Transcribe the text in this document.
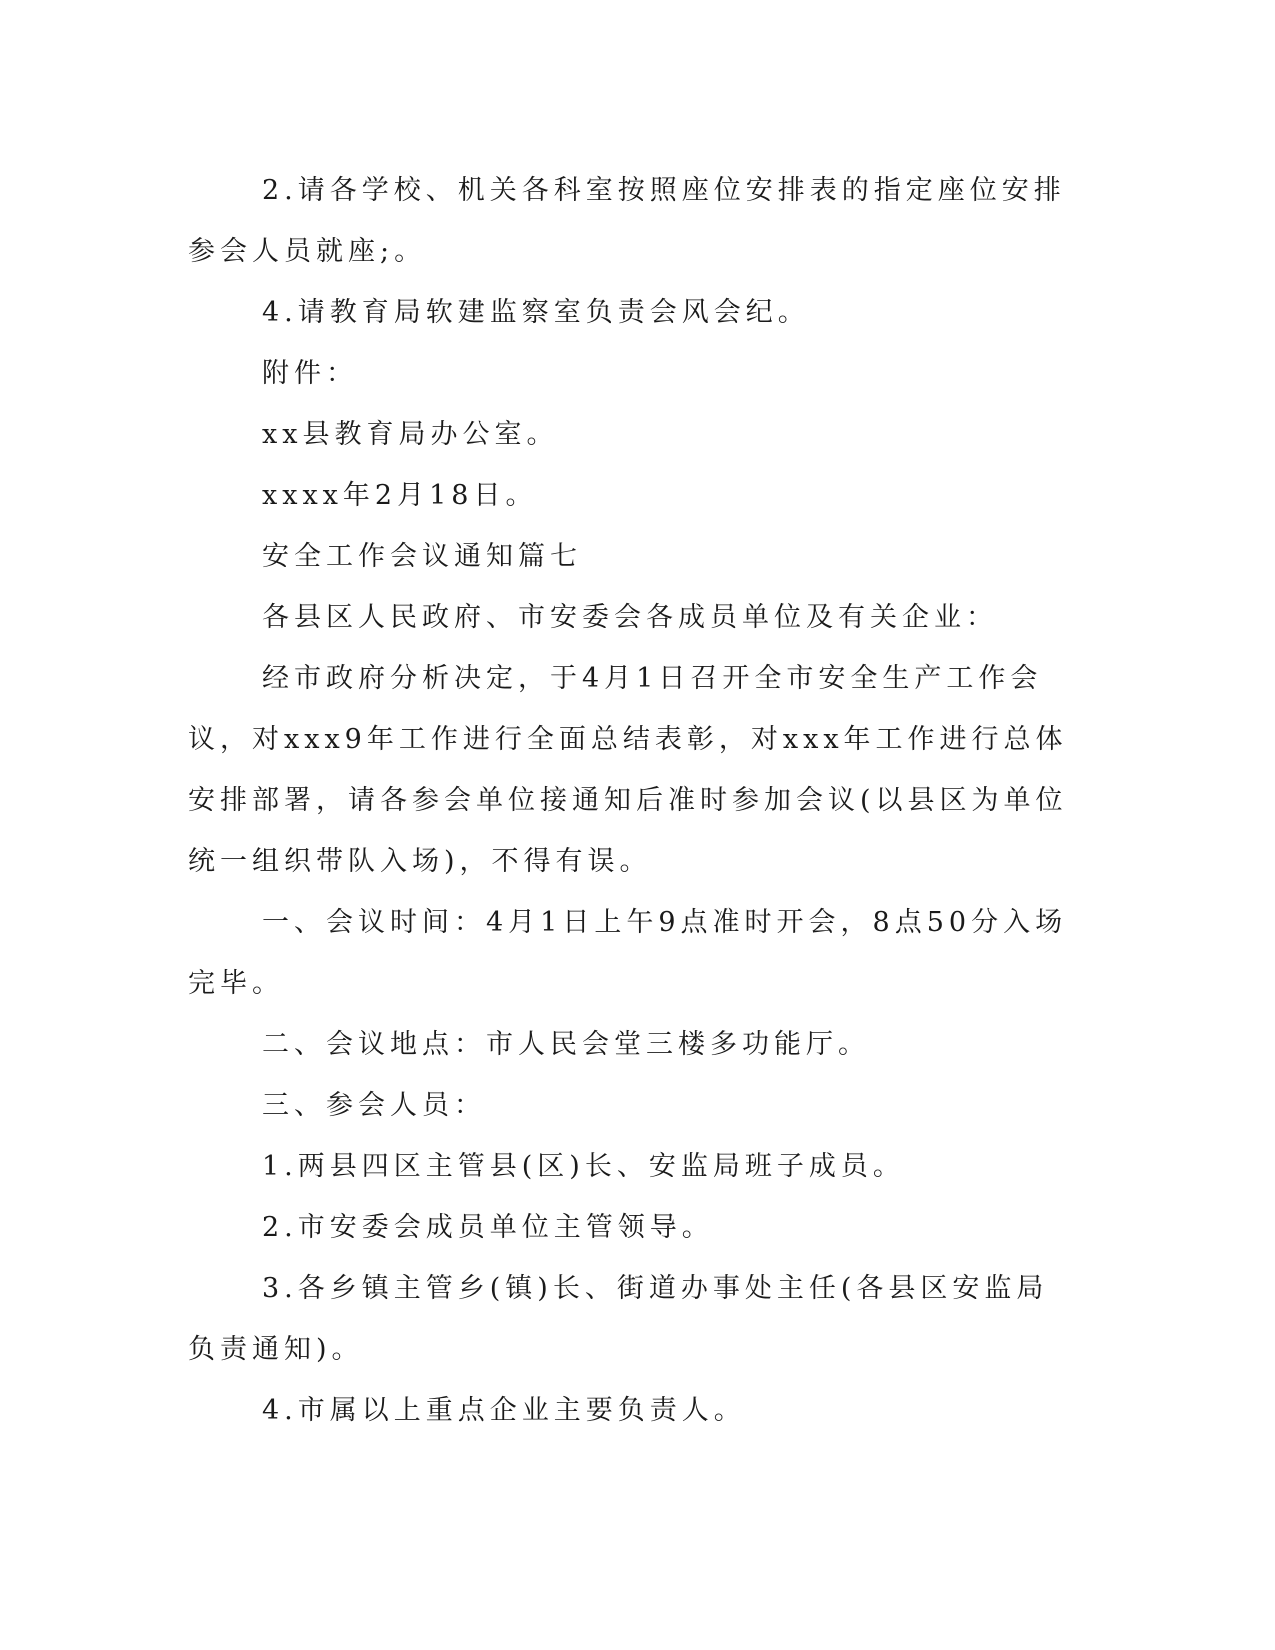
2.请各学校、机关各科室按照座位安排表的指定座位安排参会人员就座;。

4.请教育局软建监察室负责会风会纪。

附件：

xx县教育局办公室。

xxxx年2月18日。

安全工作会议通知篇七

各县区人民政府、市安委会各成员单位及有关企业：

经市政府分析决定，于4月1日召开全市安全生产工作会议，对xxx9年工作进行全面总结表彰，对xxx年工作进行总体安排部署，请各参会单位接通知后准时参加会议(以县区为单位统一组织带队入场)，不得有误。

一、会议时间：4月1日上午9点准时开会，8点50分入场完毕。

二、会议地点：市人民会堂三楼多功能厅。

三、参会人员：

1.两县四区主管县(区)长、安监局班子成员。

2.市安委会成员单位主管领导。

3.各乡镇主管乡(镇)长、街道办事处主任(各县区安监局负责通知)。

4.市属以上重点企业主要负责人。
